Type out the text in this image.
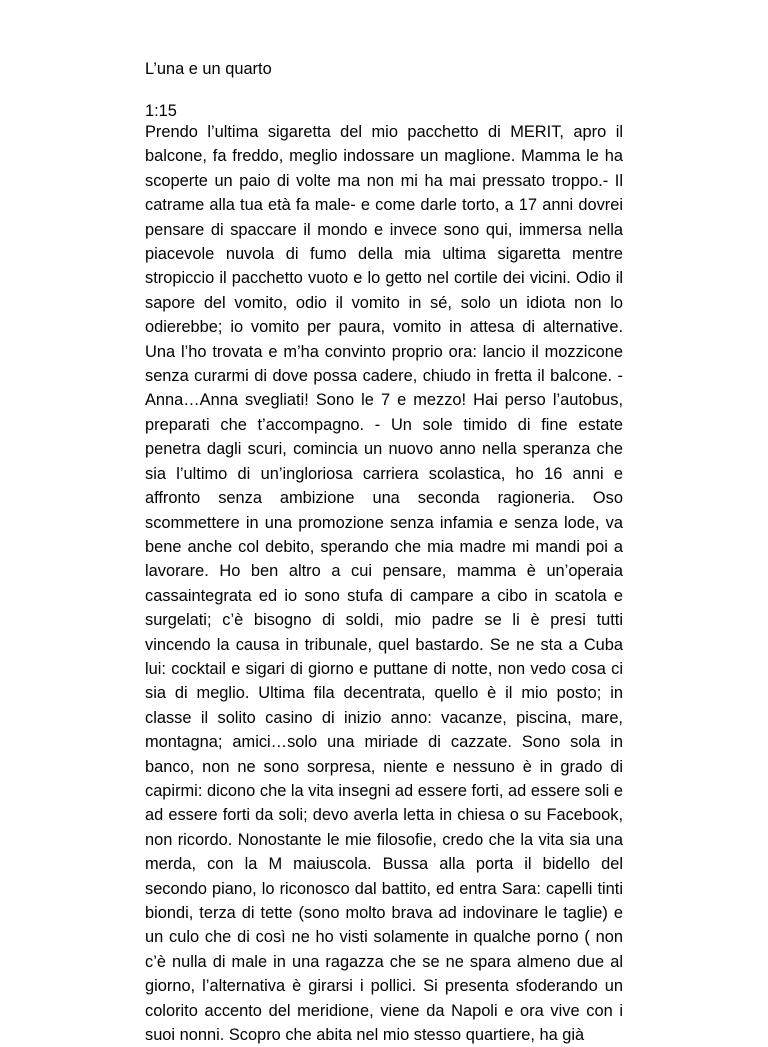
L’una e un quarto

1:15

Prendo l’ultima sigaretta del mio pacchetto di MERIT, apro il balcone, fa freddo, meglio indossare un maglione. Mamma le ha scoperte un paio di volte ma non mi ha mai pressato troppo.- Il catrame alla tua età fa male- e come darle torto, a 17 anni dovrei pensare di spaccare il mondo e invece sono qui, immersa nella piacevole nuvola di fumo della mia ultima sigaretta mentre stropiccio il pacchetto vuoto e lo getto nel cortile dei vicini. Odio il sapore del vomito, odio il vomito in sé, solo un idiota non lo odierebbe; io vomito per paura, vomito in attesa di alternative. Una l’ho trovata e m’ha convinto proprio ora: lancio il mozzicone senza curarmi di dove possa cadere, chiudo in fretta il balcone. - Anna…Anna svegliati! Sono le 7 e mezzo! Hai perso l’autobus, preparati che t’accompagno. - Un sole timido di fine estate penetra dagli scuri, comincia un nuovo anno nella speranza che sia l’ultimo di un’ingloriosa carriera scolastica, ho 16 anni e affronto senza ambizione una seconda ragioneria. Oso scommettere in una promozione senza infamia e senza lode, va bene anche col debito, sperando che mia madre mi mandi poi a lavorare. Ho ben altro a cui pensare, mamma è un’operaia cassaintegrata ed io sono stufa di campare a cibo in scatola e surgelati; c’è bisogno di soldi, mio padre se li è presi tutti vincendo la causa in tribunale, quel bastardo. Se ne sta a Cuba lui: cocktail e sigari di giorno e puttane di notte, non vedo cosa ci sia di meglio. Ultima fila decentrata, quello è il mio posto; in classe il solito casino di inizio anno: vacanze, piscina, mare, montagna; amici…solo una miriade di cazzate. Sono sola in banco, non ne sono sorpresa, niente e nessuno è in grado di capirmi: dicono che la vita insegni ad essere forti, ad essere soli e ad essere forti da soli; devo averla letta in chiesa o su Facebook, non ricordo. Nonostante le mie filosofie, credo che la vita sia una merda, con la M maiuscola. Bussa alla porta il bidello del secondo piano, lo riconosco dal battito, ed entra Sara: capelli tinti biondi, terza di tette (sono molto brava ad indovinare le taglie) e un culo che di così ne ho visti solamente in qualche porno ( non c’è nulla di male in una ragazza che se ne spara almeno due al giorno, l’alternativa è girarsi i pollici. Si presenta sfoderando un colorito accento del meridione, viene da Napoli e ora vive con i suoi nonni. Scopro che abita nel mio stesso quartiere, ha già
